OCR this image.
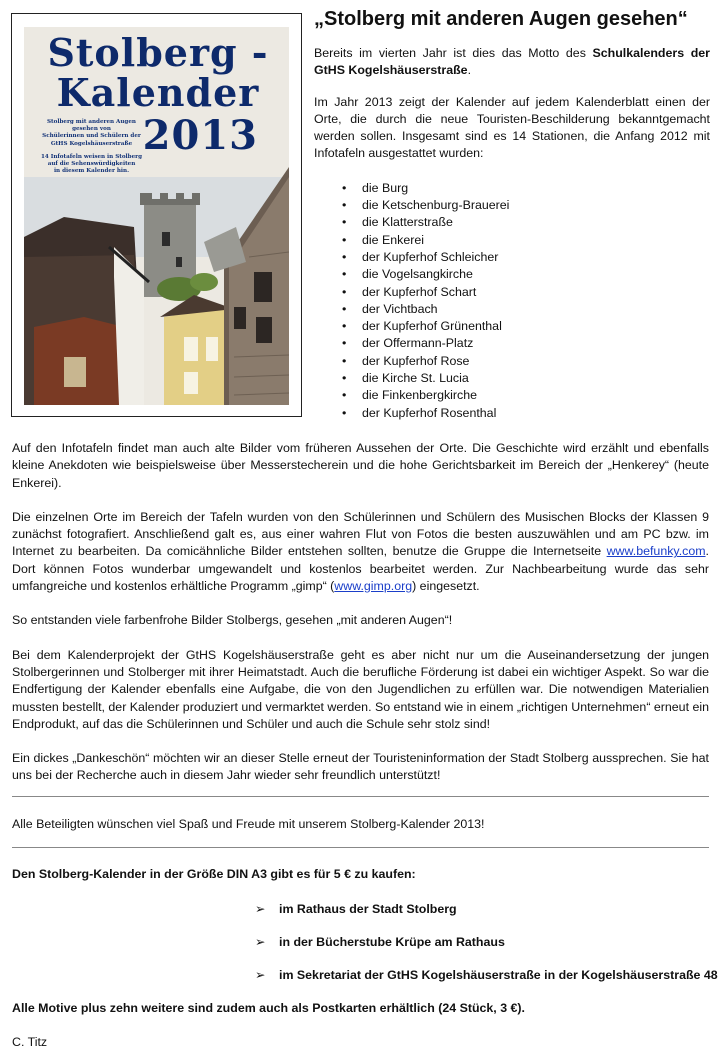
Stolberg -
Kalender
2013
Stolberg mit anderen Augen
gesehen von
Schülerinnen und Schülern der
GtHS Kogelshäuserstraße
14 Infotafeln weisen in Stolberg
auf die Sehenswürdigkeiten
in diesem Kalender hin.
„Stolberg mit anderen Augen gesehen“
Bereits im vierten Jahr ist dies das Motto des Schulkalenders der GtHS Kogelshäuserstraße.
Im Jahr 2013 zeigt der Kalender auf jedem Kalenderblatt einen der Orte, die durch die neue Touristen-Beschilderung bekanntgemacht werden sollen. Insgesamt sind es 14 Stationen, die Anfang 2012 mit Infotafeln ausgestattet wurden:
• die Burg
• die Ketschenburg-Brauerei
• die Klatterstraße
• die Enkerei
• der Kupferhof Schleicher
• die Vogelsangkirche
• der Kupferhof Schart
• der Vichtbach
• der Kupferhof Grünenthal
• der Offermann-Platz
• der Kupferhof Rose
• die Kirche St. Lucia
• die Finkenbergkirche
• der Kupferhof Rosenthal
Auf den Infotafeln findet man auch alte Bilder vom früheren Aussehen der Orte. Die Geschichte wird erzählt und ebenfalls kleine Anekdoten wie beispielsweise über Messerstecherein und die hohe Gerichtsbarkeit im Bereich der „Henkerey“ (heute Enkerei).
Die einzelnen Orte im Bereich der Tafeln wurden von den Schülerinnen und Schülern des Musischen Blocks der Klassen 9 zunächst fotografiert. Anschließend galt es, aus einer wahren Flut von Fotos die besten auszuwählen und am PC bzw. im Internet zu bearbeiten. Da comicähnliche Bilder entstehen sollten, benutze die Gruppe die Internetseite www.befunky.com. Dort können Fotos wunderbar umgewandelt und kostenlos bearbeitet werden. Zur Nachbearbeitung wurde das sehr umfangreiche und kostenlos erhältliche Programm „gimp“ (www.gimp.org) eingesetzt.
So entstanden viele farbenfrohe Bilder Stolbergs, gesehen „mit anderen Augen“!
Bei dem Kalenderprojekt der GtHS Kogelshäuserstraße geht es aber nicht nur um die Auseinandersetzung der jungen Stolbergerinnen und Stolberger mit ihrer Heimatstadt. Auch die berufliche Förderung ist dabei ein wichtiger Aspekt. So war die Endfertigung der Kalender ebenfalls eine Aufgabe, die von den Jugendlichen zu erfüllen war. Die notwendigen Materialien mussten bestellt, der Kalender produziert und vermarktet werden. So entstand wie in einem „richtigen Unternehmen“ erneut ein Endprodukt, auf das die Schülerinnen und Schüler und auch die Schule sehr stolz sind!
Ein dickes „Dankeschön“ möchten wir an dieser Stelle erneut der Touristeninformation der Stadt Stolberg aussprechen. Sie hat uns bei der Recherche auch in diesem Jahr wieder sehr freundlich unterstützt!
Alle Beteiligten wünschen viel Spaß und Freude mit unserem Stolberg-Kalender 2013!
Den Stolberg-Kalender in der Größe DIN A3 gibt es für 5 € zu kaufen:
➢ im Rathaus der Stadt Stolberg
➢ in der Bücherstube Krüpe am Rathaus
➢ im Sekretariat der GtHS Kogelshäuserstraße in der Kogelshäuserstraße 48
Alle Motive plus zehn weitere sind zudem auch als Postkarten erhältlich (24 Stück, 3 €).
C. Titz
